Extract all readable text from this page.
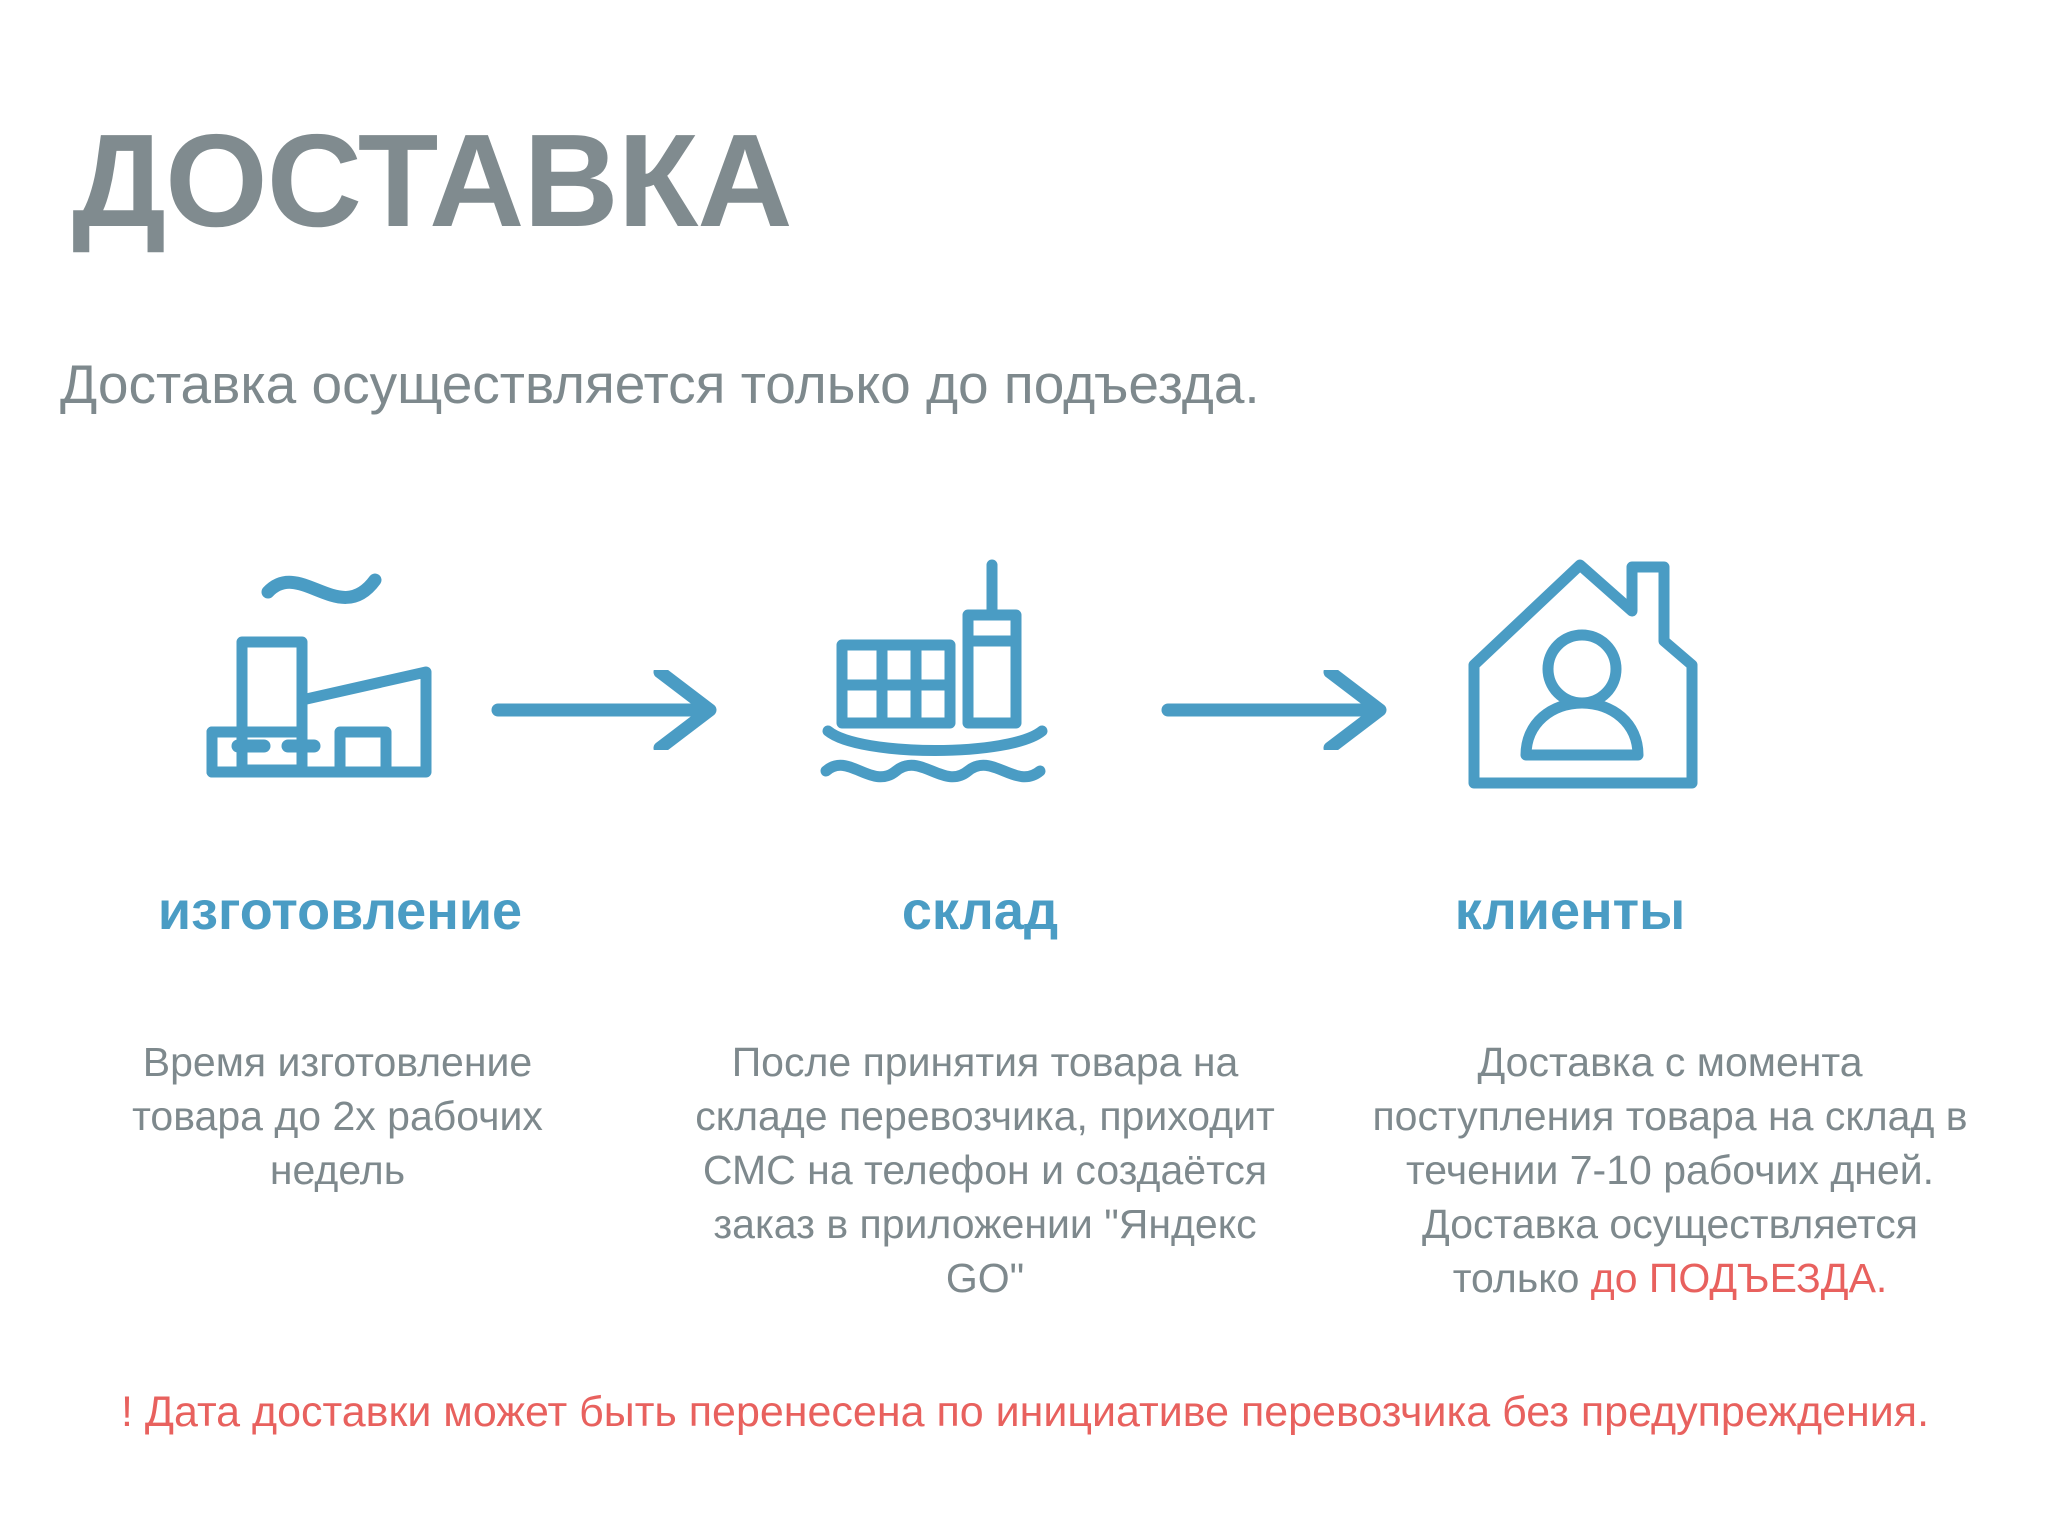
ДОСТАВКА

Доставка осуществляется только до подъезда.

изготовление	склад	клиенты
Время изготовление товара до 2х рабочих недель
После принятия товара на складе перевозчика, приходит СМС на телефон и создаётся заказ в приложении "Яндекс GO"
Доставка с момента поступления товара на склад в течении 7-10 рабочих дней. Доставка осуществляется только до ПОДЪЕЗДА.
! Дата доставки может быть перенесена по инициативе перевозчика без предупреждения.
